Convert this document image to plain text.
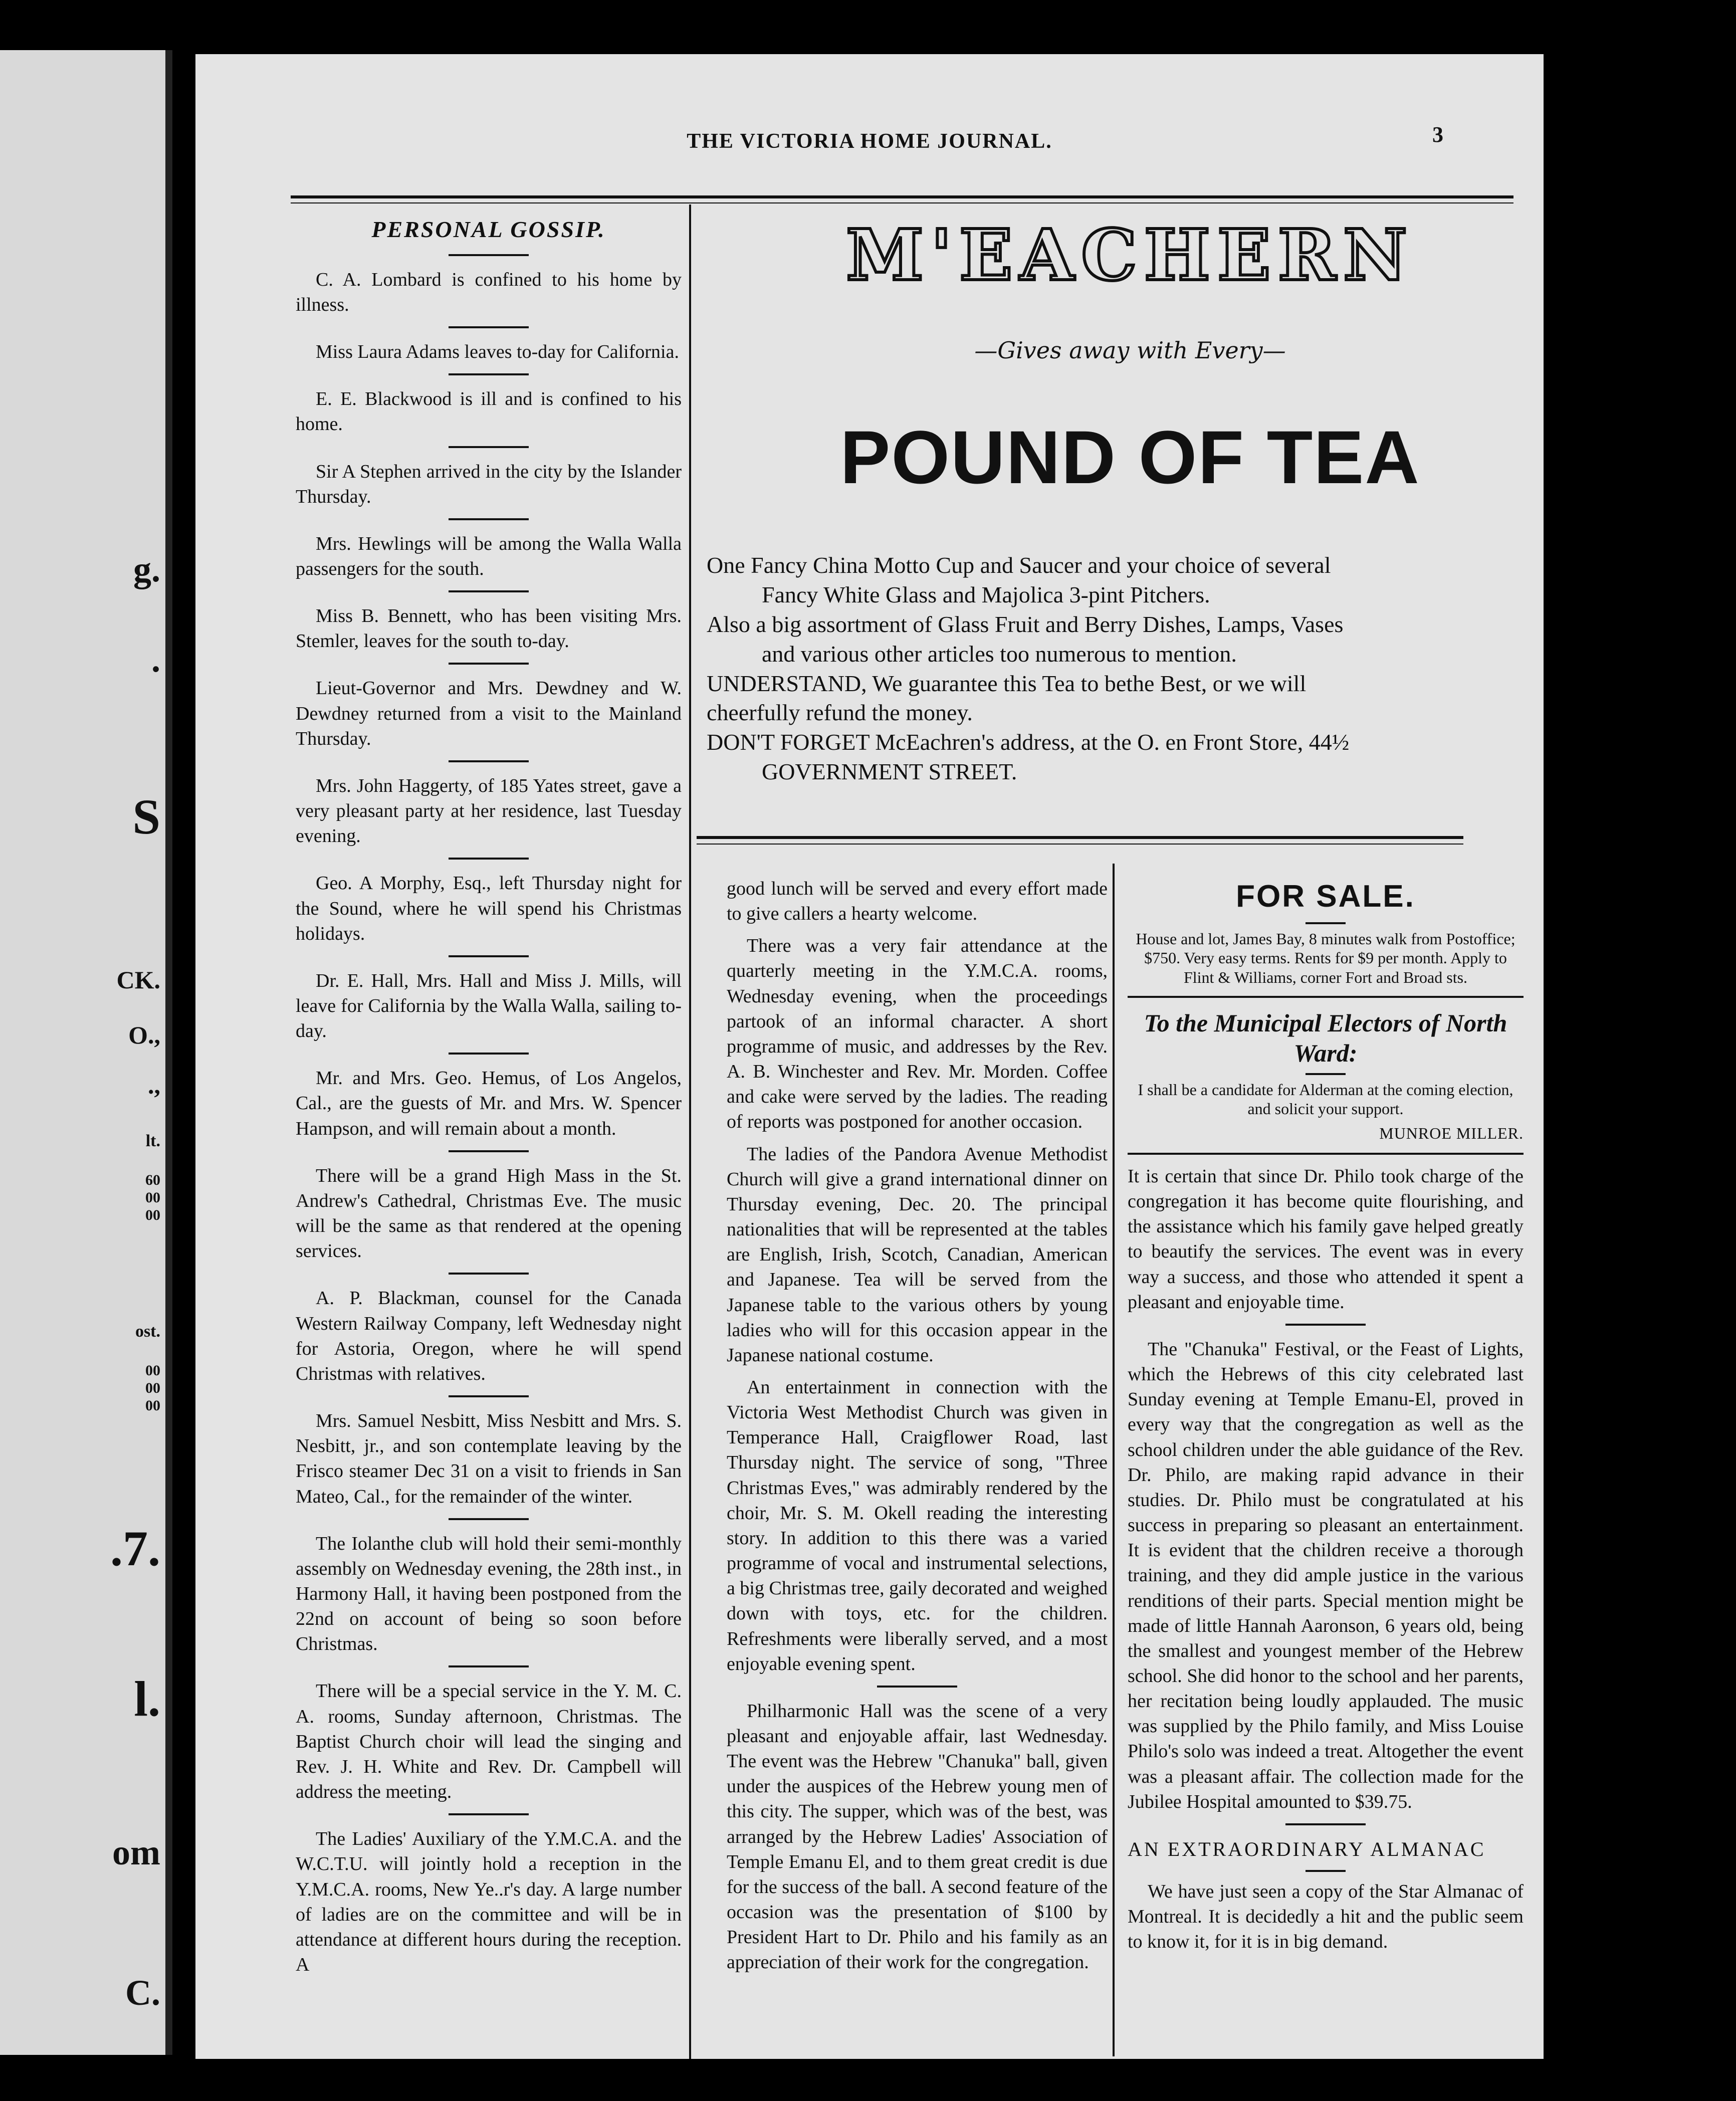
g.
.
S
CK.
O.,
.,
lt.
60
00
00
ost.
00
00
00
.7.
l.
om
C.
THE VICTORIA HOME JOURNAL.	3
PERSONAL GOSSIP.

C. A. Lombard is confined to his home by illness.

Miss Laura Adams leaves to-day for California.

E. E. Blackwood is ill and is confined to his home.

Sir A Stephen arrived in the city by the Islander Thursday.

Mrs. Hewlings will be among the Walla Walla passengers for the south.

Miss B. Bennett, who has been visiting Mrs. Stemler, leaves for the south to-day.

Lieut-Governor and Mrs. Dewdney and W. Dewdney returned from a visit to the Mainland Thursday.

Mrs. John Haggerty, of 185 Yates street, gave a very pleasant party at her residence, last Tuesday evening.

Geo. A Morphy, Esq., left Thursday night for the Sound, where he will spend his Christmas holidays.

Dr. E. Hall, Mrs. Hall and Miss J. Mills, will leave for California by the Walla Walla, sailing to-day.

Mr. and Mrs. Geo. Hemus, of Los Angelos, Cal., are the guests of Mr. and Mrs. W. Spencer Hampson, and will remain about a month.

There will be a grand High Mass in the St. Andrew's Cathedral, Christmas Eve. The music will be the same as that rendered at the opening services.

A. P. Blackman, counsel for the Canada Western Railway Company, left Wednesday night for Astoria, Oregon, where he will spend Christmas with relatives.

Mrs. Samuel Nesbitt, Miss Nesbitt and Mrs. S. Nesbitt, jr., and son contemplate leaving by the Frisco steamer Dec 31 on a visit to friends in San Mateo, Cal., for the remainder of the winter.

The Iolanthe club will hold their semi-monthly assembly on Wednesday evening, the 28th inst., in Harmony Hall, it having been postponed from the 22nd on account of being so soon before Christmas.

There will be a special service in the Y. M. C. A. rooms, Sunday afternoon, Christmas. The Baptist Church choir will lead the singing and Rev. J. H. White and Rev. Dr. Campbell will address the meeting.

The Ladies' Auxiliary of the Y.M.C.A. and the W.C.T.U. will jointly hold a reception in the Y.M.C.A. rooms, New Ye..r's day. A large number of ladies are on the committee and will be in attendance at different hours during the reception. A

M'EACHERN
—Gives away with Every—
POUND OF TEA

One Fancy China Motto Cup and Saucer and your choice of several

Fancy White Glass and Majolica 3-pint Pitchers.

Also a big assortment of Glass Fruit and Berry Dishes, Lamps, Vases

and various other articles too numerous to mention.

UNDERSTAND, We guarantee this Tea to bethe Best, or we will

cheerfully refund the money.

DON'T FORGET McEachren's address, at the O. en Front Store, 44½

GOVERNMENT STREET.

good lunch will be served and every effort made to give callers a hearty welcome.

There was a very fair attendance at the quarterly meeting in the Y.M.C.A. rooms, Wednesday evening, when the proceedings partook of an informal character. A short programme of music, and addresses by the Rev. A. B. Winchester and Rev. Mr. Morden. Coffee and cake were served by the ladies. The reading of reports was postponed for another occasion.

The ladies of the Pandora Avenue Methodist Church will give a grand international dinner on Thursday evening, Dec. 20. The principal nationalities that will be represented at the tables are English, Irish, Scotch, Canadian, American and Japanese. Tea will be served from the Japanese table to the various others by young ladies who will for this occasion appear in the Japanese national costume.

An entertainment in connection with the Victoria West Methodist Church was given in Temperance Hall, Craigflower Road, last Thursday night. The service of song, "Three Christmas Eves," was admirably rendered by the choir, Mr. S. M. Okell reading the interesting story. In addition to this there was a varied programme of vocal and instrumental selections, a big Christmas tree, gaily decorated and weighed down with toys, etc. for the children. Refreshments were liberally served, and a most enjoyable evening spent.

Philharmonic Hall was the scene of a very pleasant and enjoyable affair, last Wednesday. The event was the Hebrew "Chanuka" ball, given under the auspices of the Hebrew young men of this city. The supper, which was of the best, was arranged by the Hebrew Ladies' Association of Temple Emanu El, and to them great credit is due for the success of the ball. A second feature of the occasion was the presentation of $100 by President Hart to Dr. Philo and his family as an appreciation of their work for the congregation.

FOR SALE.
House and lot, James Bay, 8 minutes walk from Postoffice; $750. Very easy terms. Rents for $9 per month. Apply to Flint & Williams, corner Fort and Broad sts.
To the Municipal Electors of North Ward:
I shall be a candidate for Alderman at the coming election, and solicit your support.
MUNROE MILLER.

It is certain that since Dr. Philo took charge of the congregation it has become quite flourishing, and the assistance which his family gave helped greatly to beautify the services. The event was in every way a success, and those who attended it spent a pleasant and enjoyable time.

The "Chanuka" Festival, or the Feast of Lights, which the Hebrews of this city celebrated last Sunday evening at Temple Emanu-El, proved in every way that the congregation as well as the school children under the able guidance of the Rev. Dr. Philo, are making rapid advance in their studies. Dr. Philo must be congratulated at his success in preparing so pleasant an entertainment. It is evident that the children receive a thorough training, and they did ample justice in the various renditions of their parts. Special mention might be made of little Hannah Aaronson, 6 years old, being the smallest and youngest member of the Hebrew school. She did honor to the school and her parents, her recitation being loudly applauded. The music was supplied by the Philo family, and Miss Louise Philo's solo was indeed a treat. Altogether the event was a pleasant affair. The collection made for the Jubilee Hospital amounted to $39.75.

AN EXTRAORDINARY ALMANAC

We have just seen a copy of the Star Almanac of Montreal. It is decidedly a hit and the public seem to know it, for it is in big demand.
